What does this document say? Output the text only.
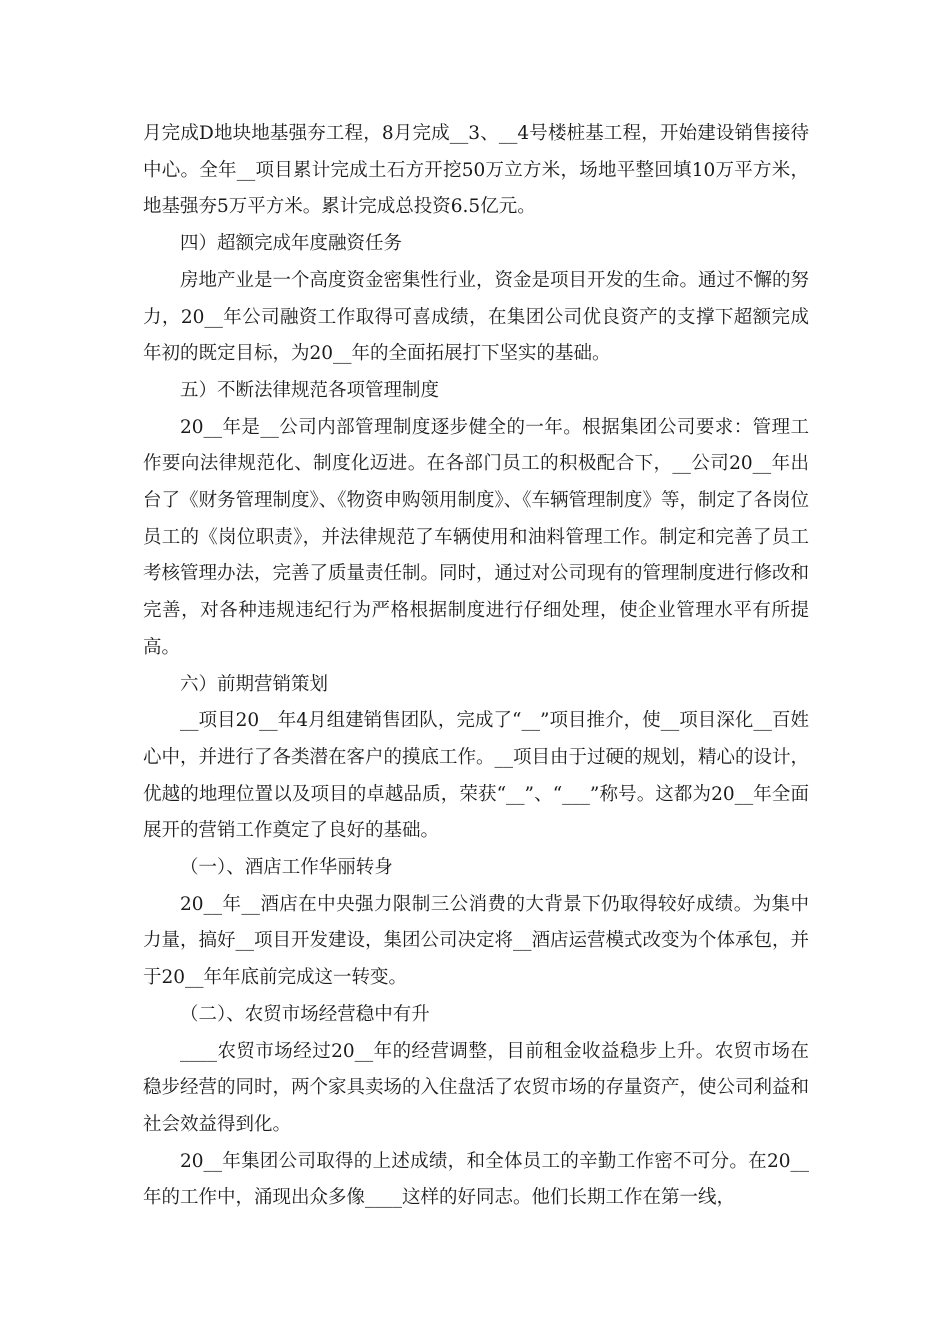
月完成D地块地基强夯工程，8月完成__3、__4号楼桩基工程，开始建设销售接待中心。全年__项目累计完成土石方开挖50万立方米，场地平整回填10万平方米，地基强夯5万平方米。累计完成总投资6.5亿元。

四）超额完成年度融资任务

房地产业是一个高度资金密集性行业，资金是项目开发的生命。通过不懈的努力，20__年公司融资工作取得可喜成绩，在集团公司优良资产的支撑下超额完成年初的既定目标，为20__年的全面拓展打下坚实的基础。

五）不断法律规范各项管理制度

20__年是__公司内部管理制度逐步健全的一年。根据集团公司要求：管理工作要向法律规范化、制度化迈进。在各部门员工的积极配合下，__公司20__年出台了《财务管理制度》、《物资申购领用制度》、《车辆管理制度》等，制定了各岗位员工的《岗位职责》，并法律规范了车辆使用和油料管理工作。制定和完善了员工考核管理办法，完善了质量责任制。同时，通过对公司现有的管理制度进行修改和完善，对各种违规违纪行为严格根据制度进行仔细处理，使企业管理水平有所提高。

六）前期营销策划

__项目20__年4月组建销售团队，完成了“__”项目推介，使__项目深化__百姓心中，并进行了各类潜在客户的摸底工作。__项目由于过硬的规划，精心的设计，优越的地理位置以及项目的卓越品质，荣获“__”、“___”称号。这都为20__年全面展开的营销工作奠定了良好的基础。

（一）、酒店工作华丽转身

20__年__酒店在中央强力限制三公消费的大背景下仍取得较好成绩。为集中力量，搞好__项目开发建设，集团公司决定将__酒店运营模式改变为个体承包，并于20__年年底前完成这一转变。

（二）、农贸市场经营稳中有升

____农贸市场经过20__年的经营调整，目前租金收益稳步上升。农贸市场在稳步经营的同时，两个家具卖场的入住盘活了农贸市场的存量资产，使公司利益和社会效益得到化。

20__年集团公司取得的上述成绩，和全体员工的辛勤工作密不可分。在20__年的工作中，涌现出众多像____这样的好同志。他们长期工作在第一线，
